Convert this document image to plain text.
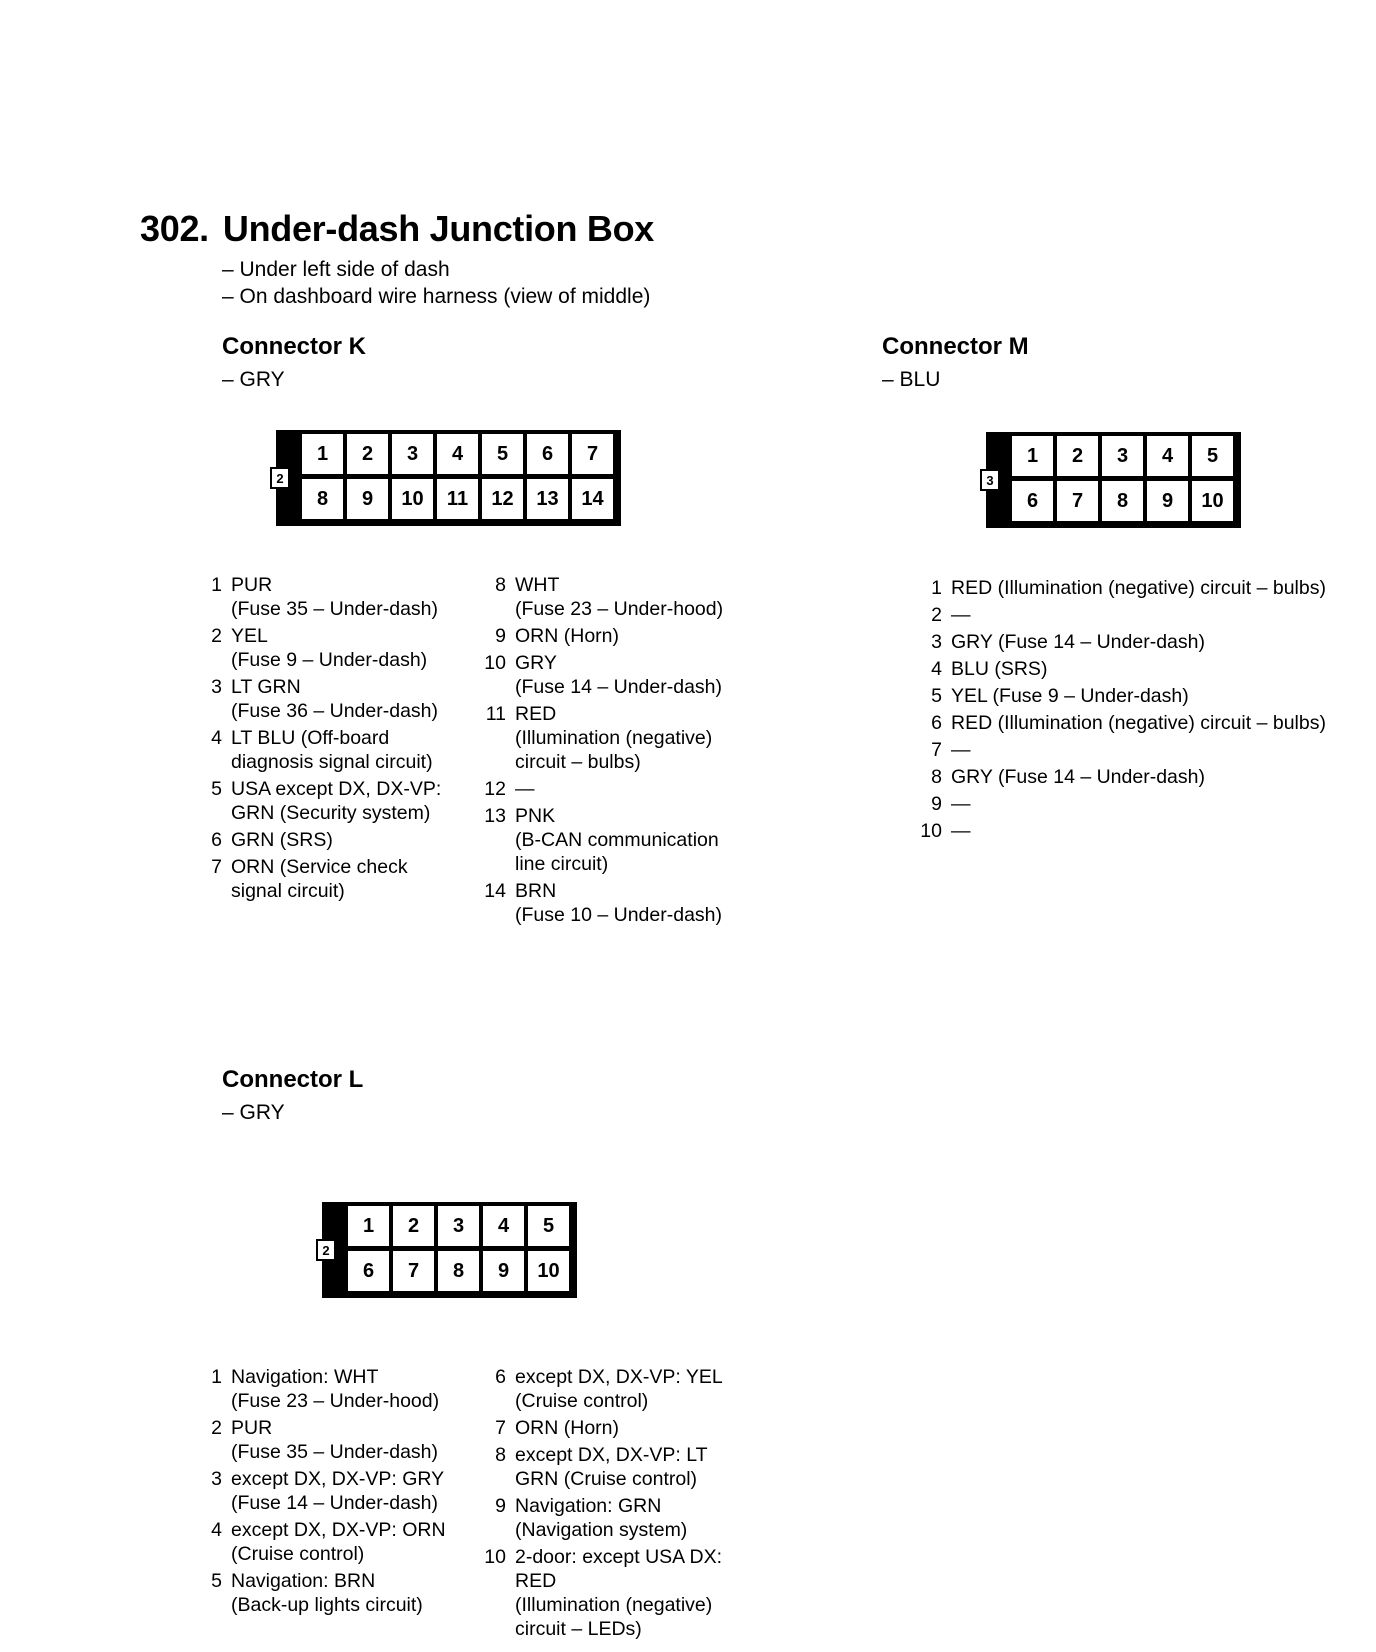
302. Under-dash Junction Box
– Under left side of dash
– On dashboard wire harness (view of middle)
Connector K
– GRY
1	2	3	4	5	6	7
8	9	10	11	12	13	14
2
1 PUR
(Fuse 35 – Under-dash)
2 YEL
(Fuse 9 – Under-dash)
3 LT GRN
(Fuse 36 – Under-dash)
4 LT BLU (Off-board
diagnosis signal circuit)
5 USA except DX, DX-VP:
GRN (Security system)
6 GRN (SRS)
7 ORN (Service check
signal circuit)
8 WHT
(Fuse 23 – Under-hood)
9 ORN (Horn)
10 GRY
(Fuse 14 – Under-dash)
11 RED
(Illumination (negative)
circuit – bulbs)
12 —
13 PNK
(B-CAN communication
line circuit)
14 BRN
(Fuse 10 – Under-dash)
Connector M
– BLU
1	2	3	4	5
6	7	8	9	10
3
1 RED (Illumination (negative) circuit – bulbs)
2 —
3 GRY (Fuse 14 – Under-dash)
4 BLU (SRS)
5 YEL (Fuse 9 – Under-dash)
6 RED (Illumination (negative) circuit – bulbs)
7 —
8 GRY (Fuse 14 – Under-dash)
9 —
10 —
Connector L
– GRY
1	2	3	4	5
6	7	8	9	10
2
1 Navigation: WHT
(Fuse 23 – Under-hood)
2 PUR
(Fuse 35 – Under-dash)
3 except DX, DX-VP: GRY
(Fuse 14 – Under-dash)
4 except DX, DX-VP: ORN
(Cruise control)
5 Navigation: BRN
(Back-up lights circuit)
6 except DX, DX-VP: YEL
(Cruise control)
7 ORN (Horn)
8 except DX, DX-VP: LT
GRN (Cruise control)
9 Navigation: GRN
(Navigation system)
10 2-door: except USA DX:
RED
(Illumination (negative)
circuit – LEDs)
